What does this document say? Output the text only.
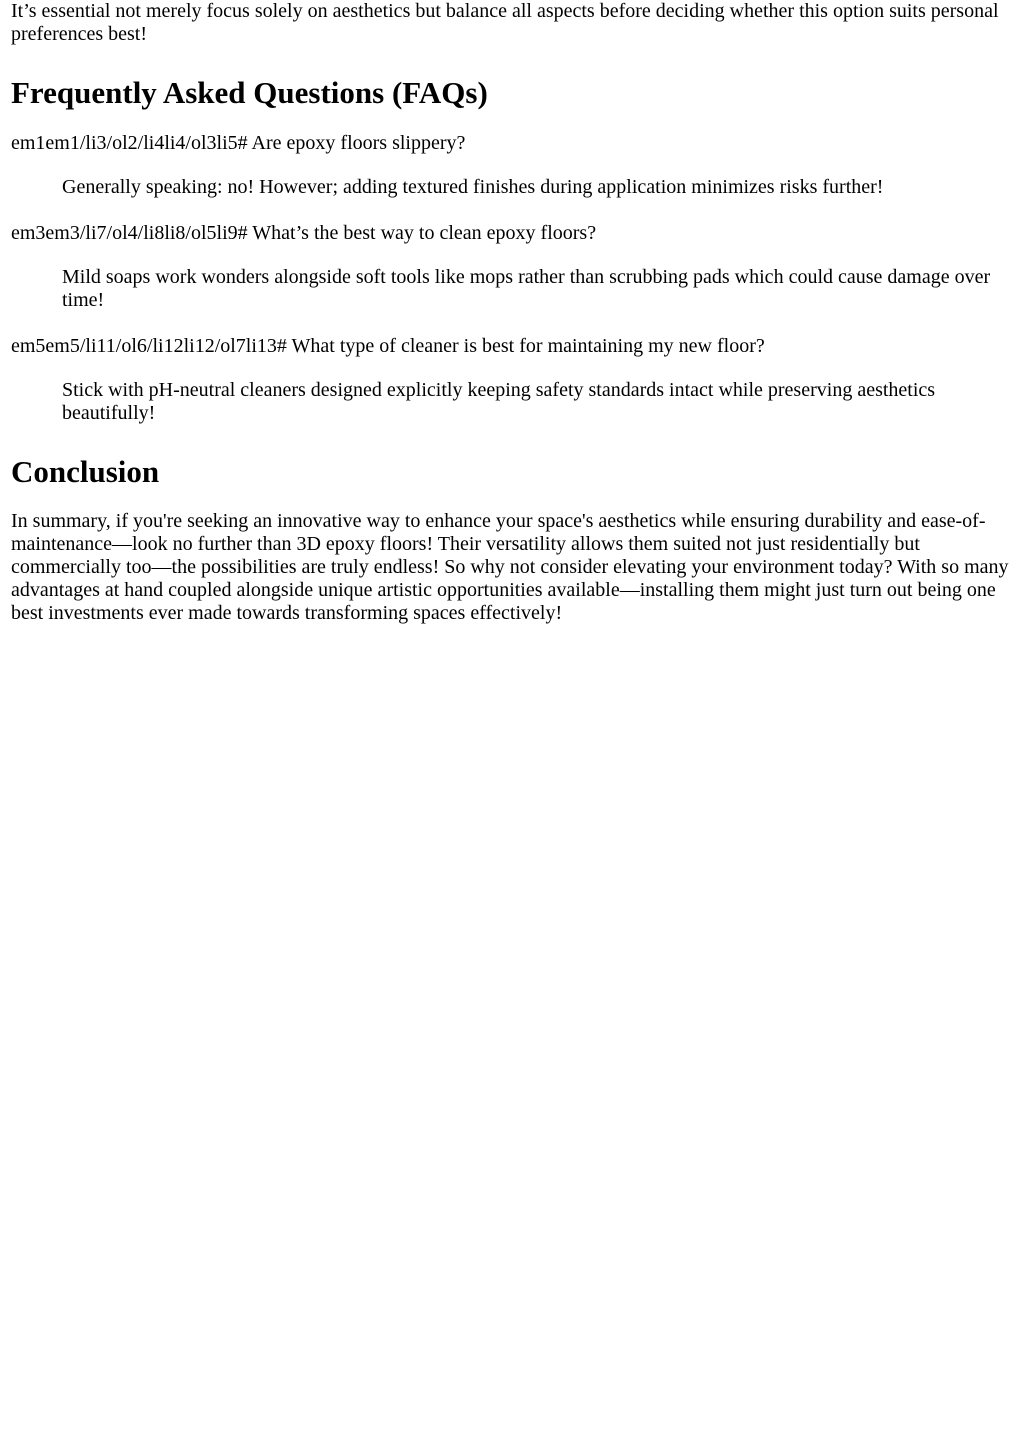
It’s essential not merely focus solely on aesthetics but balance all aspects before deciding whether this option suits personal preferences best!

Frequently Asked Questions (FAQs)

em1em1/li3/ol2/li4li4/ol3li5# Are epoxy floors slippery?

Generally speaking: no! However; adding textured finishes during application minimizes risks further!

em3em3/li7/ol4/li8li8/ol5li9# What’s the best way to clean epoxy floors?

Mild soaps work wonders alongside soft tools like mops rather than scrubbing pads which could cause damage over time!

em5em5/li11/ol6/li12li12/ol7li13# What type of cleaner is best for maintaining my new floor?

Stick with pH-neutral cleaners designed explicitly keeping safety standards intact while preserving aesthetics beautifully!
Conclusion

In summary, if you're seeking an innovative way to enhance your space's aesthetics while ensuring durability and ease-of-maintenance—look no further than 3D epoxy floors! Their versatility allows them suited not just residentially but commercially too—the possibilities are truly endless! So why not consider elevating your environment today? With so many advantages at hand coupled alongside unique artistic opportunities available—installing them might just turn out being one best investments ever made towards transforming spaces effectively!
